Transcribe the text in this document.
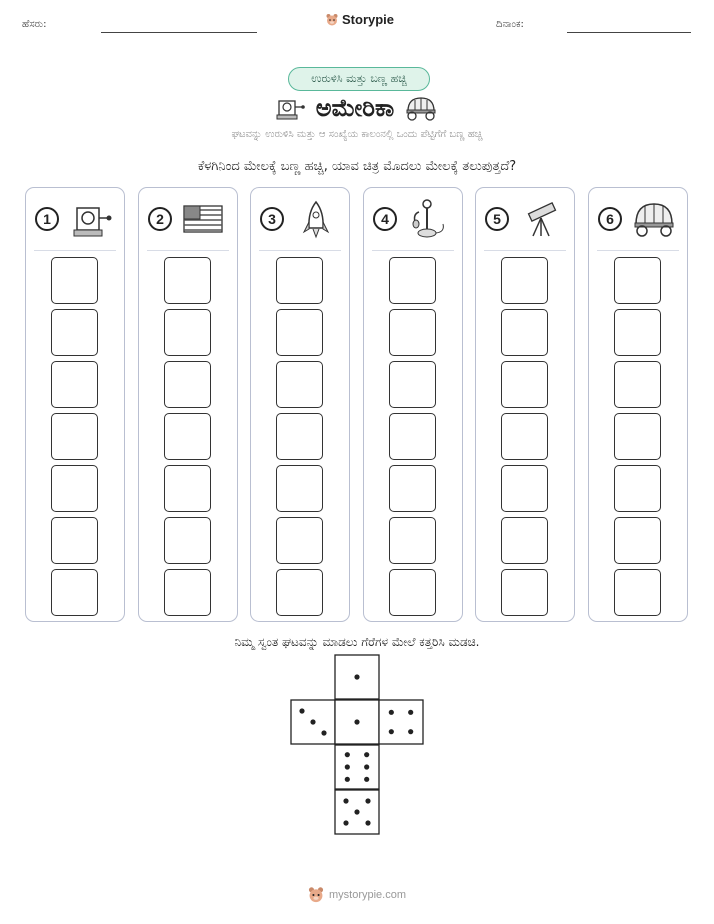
ಹೆಸರು:	Storypie	ದಿನಾಂಕ:
ಉರುಳಿಸಿ ಮತ್ತು ಬಣ್ಣ ಹಚ್ಚಿ
ಅಮೇರಿಕಾ
ಘಟವನ್ನು ಉರುಳಿಸಿ ಮತ್ತು ಆ ಸಂಖ್ಯೆಯ ಕಾಲಂನಲ್ಲಿ ಒಂದು ಪೆಟ್ಟಿಗೆಗೆ ಬಣ್ಣ ಹಚ್ಚಿ
ಕೆಳಗಿನಿಂದ ಮೇಲಕ್ಕೆ ಬಣ್ಣ ಹಚ್ಚಿ, ಯಾವ ಚಿತ್ರ ಮೊದಲು ಮೇಲಕ್ಕೆ ತಲುಪುತ್ತದೆ?
1	2	3	4	5	6
ನಿಮ್ಮ ಸ್ವಂತ ಘಟವನ್ನು ಮಾಡಲು ಗೆರೆಗಳ ಮೇಲೆ ಕತ್ತರಿಸಿ ಮಡಚಿ.
mystorypie.com
